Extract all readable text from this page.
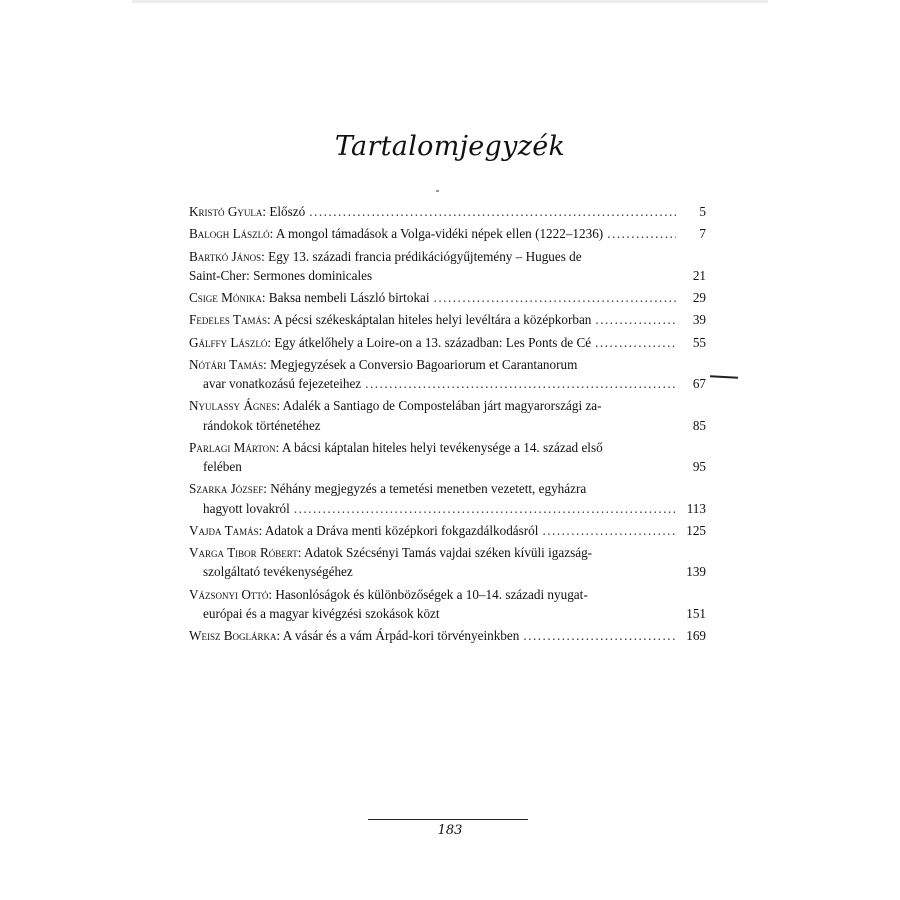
Tartalomjegyzék
Kristó Gyula: Előszó .....	5
Balogh László: A mongol támadások a Volga-vidéki népek ellen (1222–1236) .....	7
Bartkó János: Egy 13. századi francia prédikációgyűjtemény – Hugues de
Saint-Cher: Sermones dominicales	21
Csige Mónika: Baksa nembeli László birtokai .....	29
Fedeles Tamás: A pécsi székeskáptalan hiteles helyi levéltára a középkorban .....	39
Gálffy László: Egy átkelőhely a Loire-on a 13. században: Les Ponts de Cé .....	55
Nótári Tamás: Megjegyzések a Conversio Bagoariorum et Carantanorum
avar vonatkozású fejezeteihez .....	67
Nyulassy Ágnes: Adalék a Santiago de Compostelában járt magyarországi za-
rándokok történetéhez	85
Parlagi Márton: A bácsi káptalan hiteles helyi tevékenysége a 14. század első
felében	95
Szarka József: Néhány megjegyzés a temetési menetben vezetett, egyházra
hagyott lovakról .....	113
Vajda Tamás: Adatok a Dráva menti középkori fokgazdálkodásról .....	125
Varga Tibor Róbert: Adatok Szécsényi Tamás vajdai széken kívüli igazság-
szolgáltató tevékenységéhez	139
Vázsonyi Ottó: Hasonlóságok és különbözőségek a 10–14. századi nyugat-
európai és a magyar kivégzési szokások közt	151
Weisz Boglárka: A vásár és a vám Árpád-kori törvényeinkben .....	169
183
